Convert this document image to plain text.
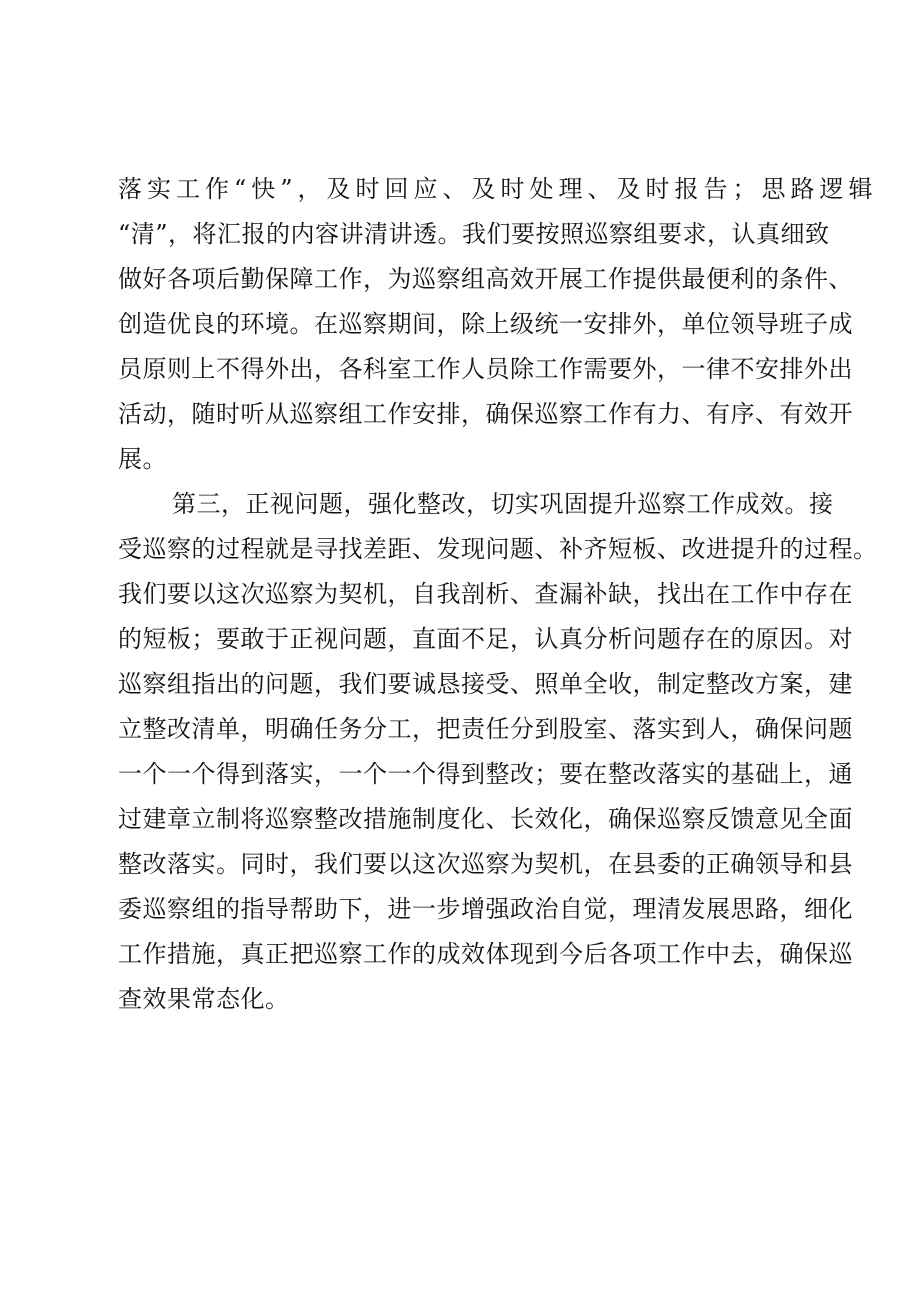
落实工作“快”，及时回应、及时处理、及时报告；思路逻辑
“清”，将汇报的内容讲清讲透。我们要按照巡察组要求，认真细致
做好各项后勤保障工作，为巡察组高效开展工作提供最便利的条件、
创造优良的环境。在巡察期间，除上级统一安排外，单位领导班子成
员原则上不得外出，各科室工作人员除工作需要外，一律不安排外出
活动，随时听从巡察组工作安排，确保巡察工作有力、有序、有效开
展。
第三，正视问题，强化整改，切实巩固提升巡察工作成效。接
受巡察的过程就是寻找差距、发现问题、补齐短板、改进提升的过程。
我们要以这次巡察为契机，自我剖析、查漏补缺，找出在工作中存在
的短板；要敢于正视问题，直面不足，认真分析问题存在的原因。对
巡察组指出的问题，我们要诚恳接受、照单全收，制定整改方案，建
立整改清单，明确任务分工，把责任分到股室、落实到人，确保问题
一个一个得到落实，一个一个得到整改；要在整改落实的基础上，通
过建章立制将巡察整改措施制度化、长效化，确保巡察反馈意见全面
整改落实。同时，我们要以这次巡察为契机，在县委的正确领导和县
委巡察组的指导帮助下，进一步增强政治自觉，理清发展思路，细化
工作措施，真正把巡察工作的成效体现到今后各项工作中去，确保巡
查效果常态化。
